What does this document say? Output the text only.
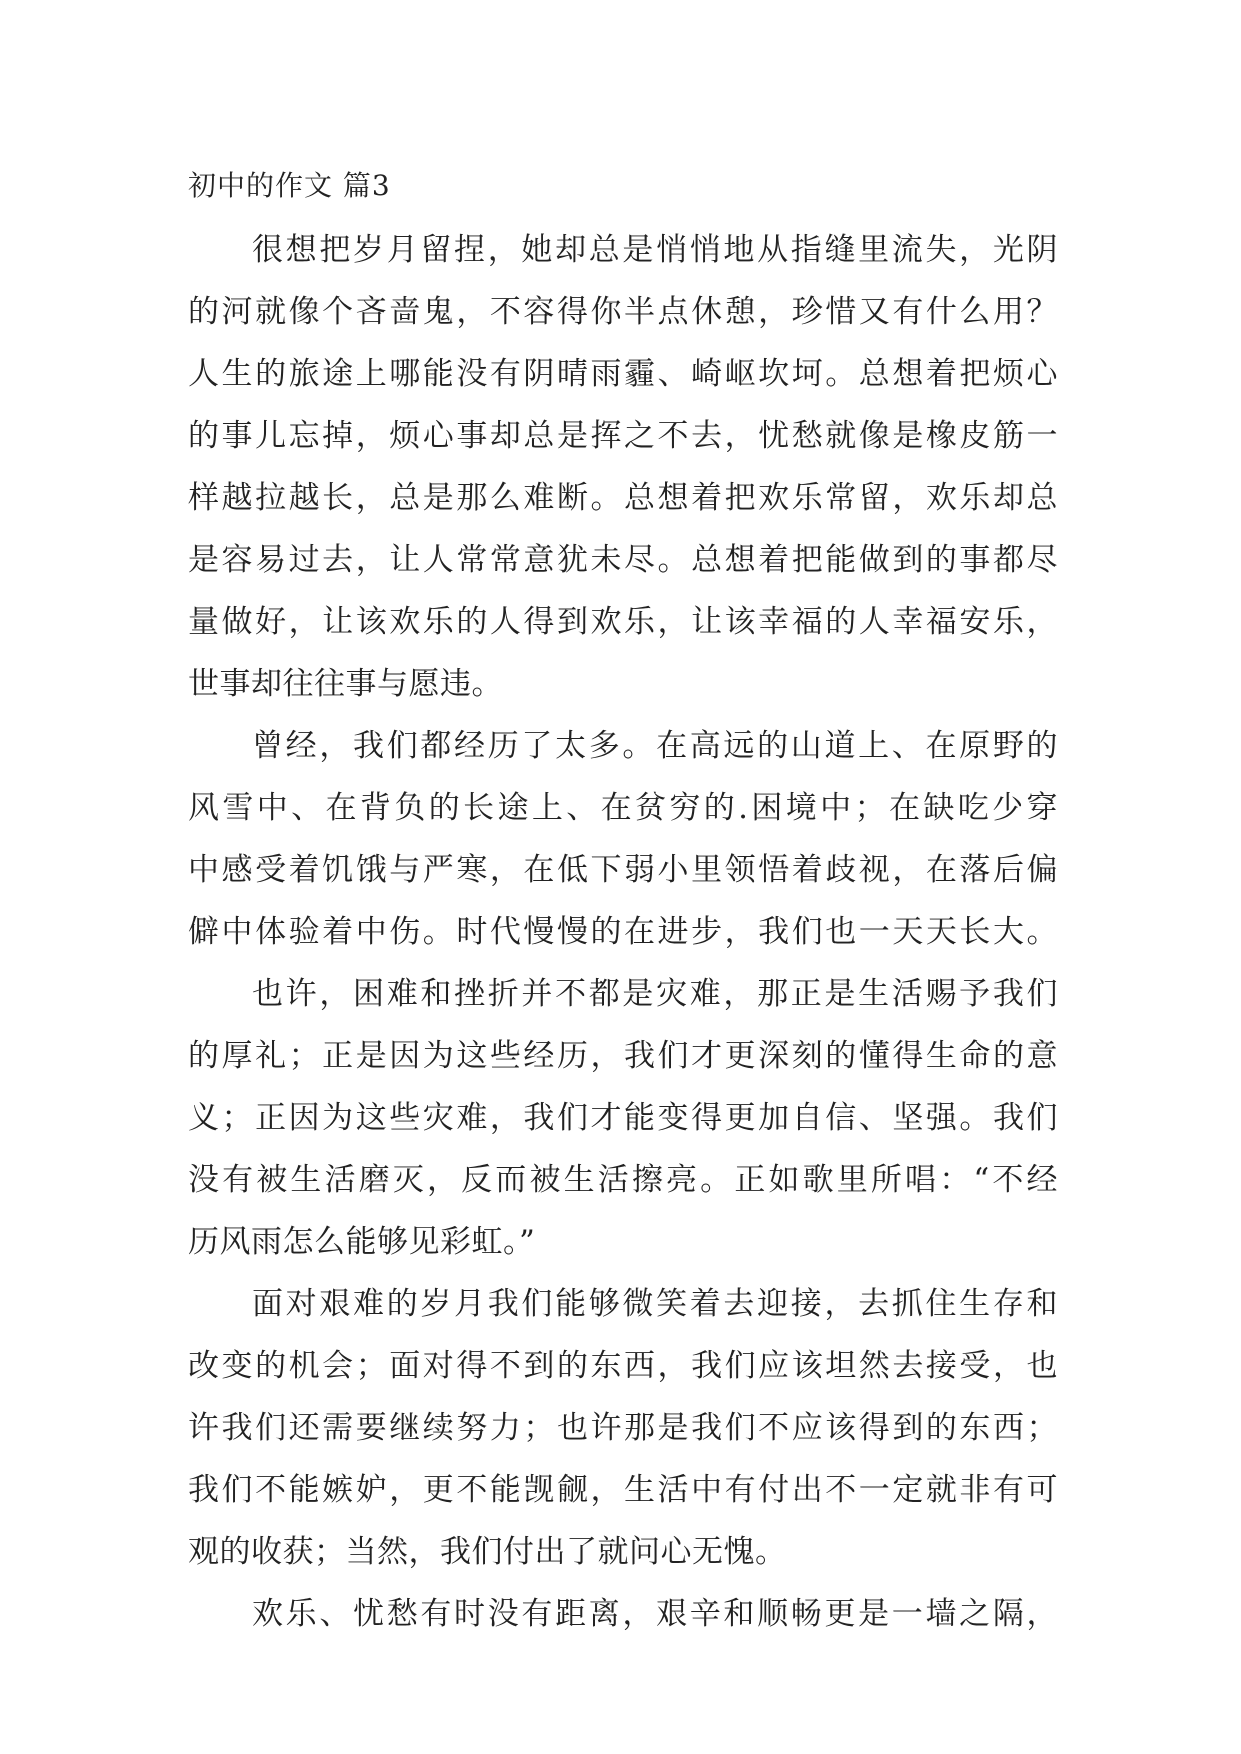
初中的作文 篇3
很想把岁月留捏，她却总是悄悄地从指缝里流失，光阴
的河就像个吝啬鬼，不容得你半点休憩，珍惜又有什么用？
人生的旅途上哪能没有阴晴雨霾、崎岖坎坷。总想着把烦心
的事儿忘掉，烦心事却总是挥之不去，忧愁就像是橡皮筋一
样越拉越长，总是那么难断。总想着把欢乐常留，欢乐却总
是容易过去，让人常常意犹未尽。总想着把能做到的事都尽
量做好，让该欢乐的人得到欢乐，让该幸福的人幸福安乐，
世事却往往事与愿违。
曾经，我们都经历了太多。在高远的山道上、在原野的
风雪中、在背负的长途上、在贫穷的.困境中；在缺吃少穿
中感受着饥饿与严寒，在低下弱小里领悟着歧视，在落后偏
僻中体验着中伤。时代慢慢的在进步，我们也一天天长大。
也许，困难和挫折并不都是灾难，那正是生活赐予我们
的厚礼；正是因为这些经历，我们才更深刻的懂得生命的意
义；正因为这些灾难，我们才能变得更加自信、坚强。我们
没有被生活磨灭，反而被生活擦亮。正如歌里所唱：“不经
历风雨怎么能够见彩虹。”
面对艰难的岁月我们能够微笑着去迎接，去抓住生存和
改变的机会；面对得不到的东西，我们应该坦然去接受，也
许我们还需要继续努力；也许那是我们不应该得到的东西；
我们不能嫉妒，更不能觊觎，生活中有付出不一定就非有可
观的收获；当然，我们付出了就问心无愧。
欢乐、忧愁有时没有距离，艰辛和顺畅更是一墙之隔，
